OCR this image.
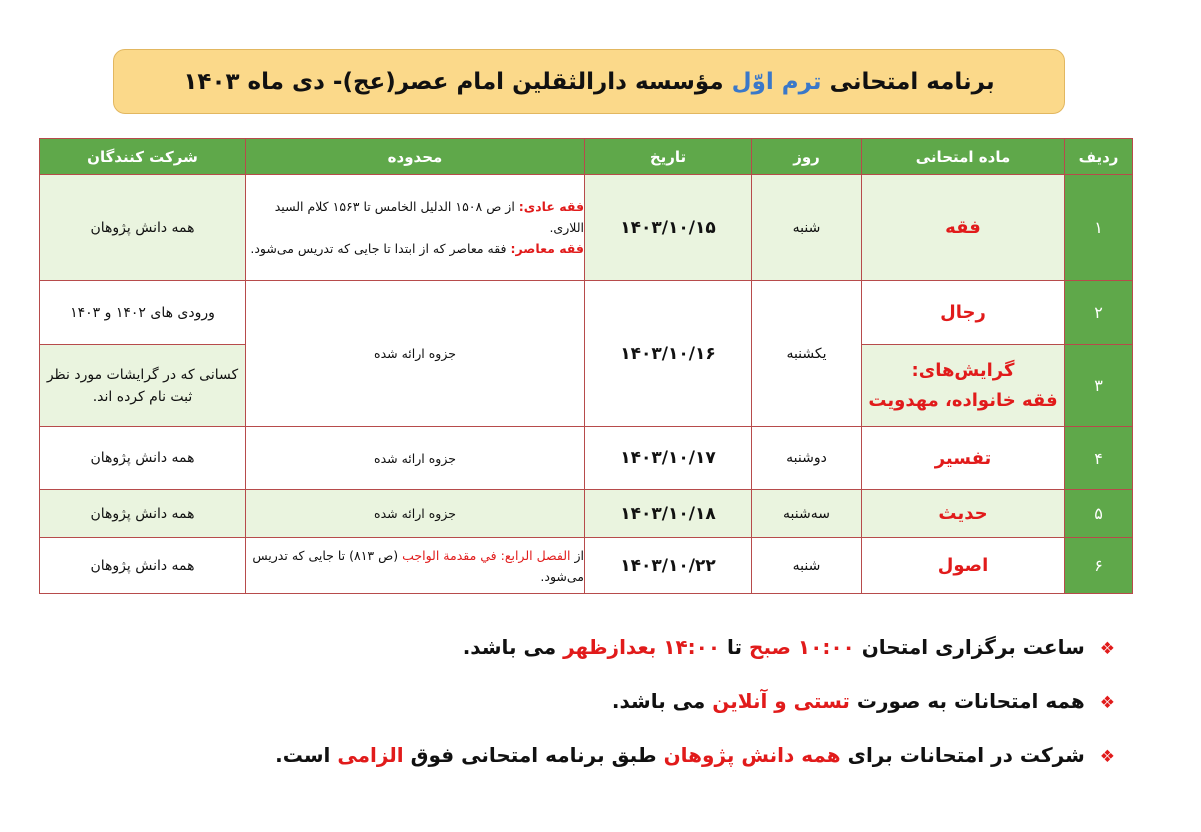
برنامه امتحانی

ترم اوّل

مؤسسه دارالثقلین امام عصر(عج)- دی ماه ۱۴۰۳
ردیف	ماده امتحانی	روز	تاریخ	محدوده	شرکت کنندگان
۱	فقه	شنبه	۱۴۰۳/۱۰/۱۵	فقه عادی: از ص ۱۵۰۸ الدلیل الخامس تا ۱۵۶۳ کلام السید اللاری.
فقه معاصر: فقه معاصر که از ابتدا تا جایی که تدریس می‌شود.	همه دانش پژوهان
۲	رجال	یکشنبه	۱۴۰۳/۱۰/۱۶	جزوه ارائه شده	ورودی های ۱۴۰۲ و ۱۴۰۳
۳	گرایش‌های:
فقه خانواده، مهدویت				کسانی که در گرایشات مورد نظر ثبت نام کرده اند.
۴	تفسیر	دوشنبه	۱۴۰۳/۱۰/۱۷	جزوه ارائه شده	همه دانش پژوهان
۵	حدیث	سه‌شنبه	۱۴۰۳/۱۰/۱۸	جزوه ارائه شده	همه دانش پژوهان
۶	اصول	شنبه	۱۴۰۳/۱۰/۲۲	از الفصل الرابع: في مقدمة الواجب (ص ۸۱۳) تا جایی که تدریس می‌شود.	همه دانش پژوهان
❖ ساعت برگزاری امتحان ۱۰:۰۰ صبح تا ۱۴:۰۰ بعدازظهر می باشد.
❖ همه امتحانات به صورت تستی و آنلاین می باشد.
❖ شرکت در امتحانات برای همه دانش پژوهان طبق برنامه امتحانی فوق الزامی است.
